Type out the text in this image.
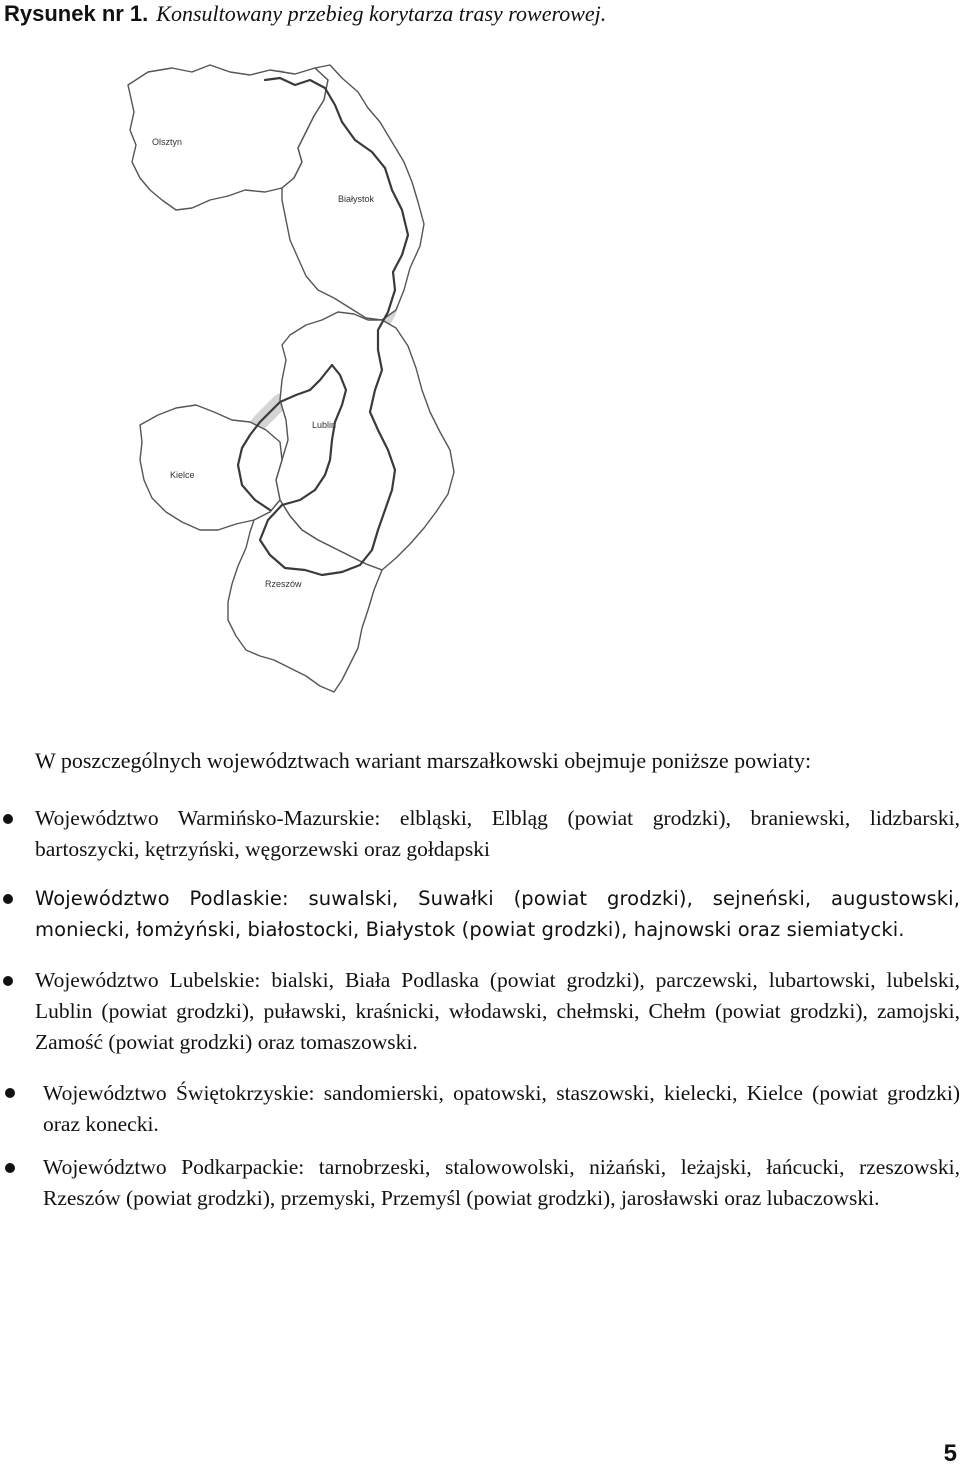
Rysunek nr 1. Konsultowany przebieg korytarza trasy rowerowej.
Olsztyn
Białystok
Lublin
Kielce
Rzeszów
W poszczególnych województwach wariant marszałkowski obejmuje poniższe powiaty:

Województwo Warmińsko-Mazurskie: elbląski, Elbląg (powiat grodzki), braniewski, lidzbarski, bartoszycki, kętrzyński, węgorzewski oraz gołdapski

Województwo Podlaskie: suwalski, Suwałki (powiat grodzki), sejneński, augustowski, moniecki, łomżyński, białostocki, Białystok (powiat grodzki), hajnowski oraz siemiatycki.

Województwo Lubelskie: bialski, Biała Podlaska (powiat grodzki), parczewski, lubartowski, lubelski, Lublin (powiat grodzki), puławski, kraśnicki, włodawski, chełmski, Chełm (powiat grodzki), zamojski, Zamość (powiat grodzki) oraz tomaszowski.

Województwo Świętokrzyskie: sandomierski, opatowski, staszowski, kielecki, Kielce (powiat grodzki) oraz konecki.

Województwo Podkarpackie: tarnobrzeski, stalowowolski, niżański, leżajski, łańcucki, rzeszowski, Rzeszów (powiat grodzki), przemyski, Przemyśl (powiat grodzki), jarosławski oraz lubaczowski.

5
